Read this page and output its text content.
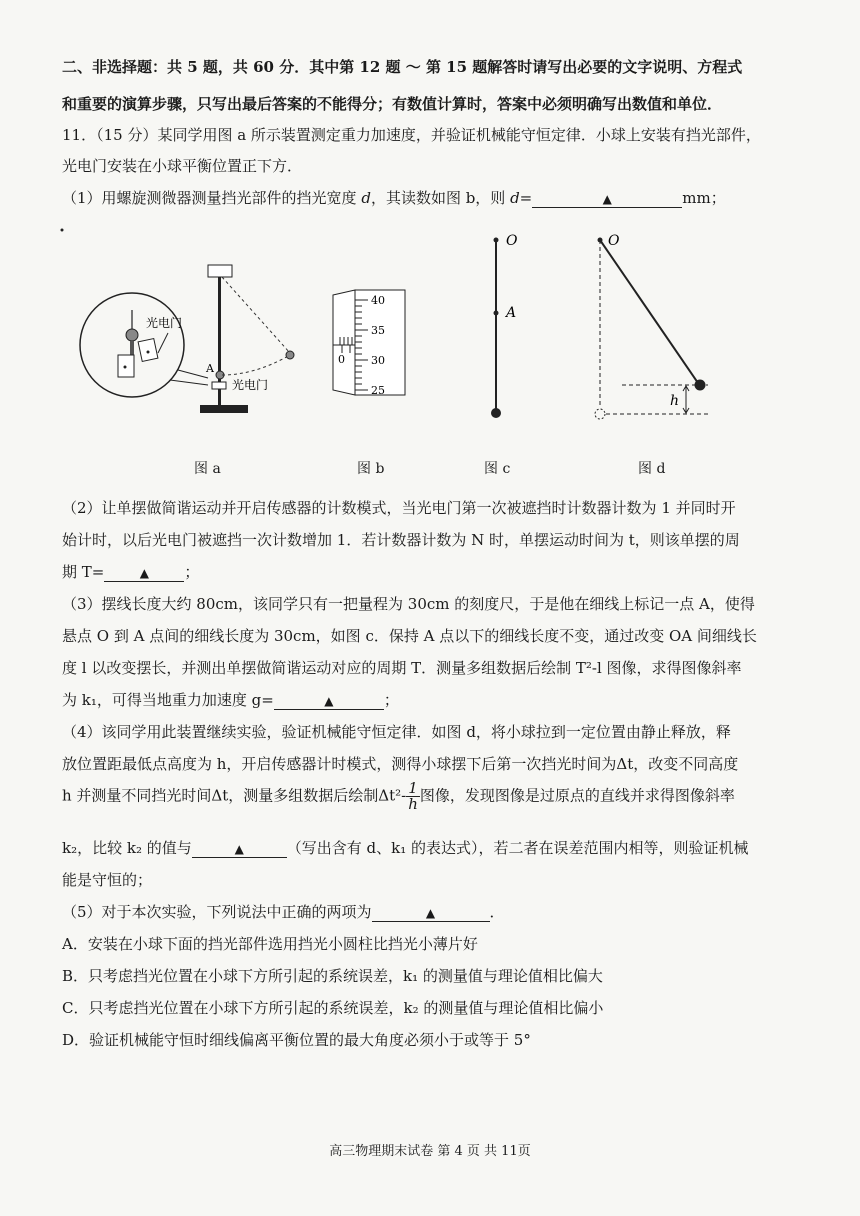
二、非选择题：共 5 题，共 60 分．其中第 12 题 ～ 第 15 题解答时请写出必要的文字说明、方程式
和重要的演算步骤，只写出最后答案的不能得分；有数值计算时，答案中必须明确写出数值和单位．
11．（15 分）某同学用图 a 所示装置测定重力加速度，并验证机械能守恒定律．小球上安装有挡光部件，
光电门安装在小球平衡位置正下方．
（1）用螺旋测微器测量挡光部件的挡光宽度 d，其读数如图 b，则 d=	▲	mm；
光电门
A
光电门
0
40
35
30
25
O
A
h
O
图 a	图 b	图 c	图 d
（2）让单摆做简谐运动并开启传感器的计数模式，当光电门第一次被遮挡时计数器计数为 1 并同时开
始计时，以后光电门被遮挡一次计数增加 1．若计数器计数为 N 时，单摆运动时间为 t，则该单摆的周
期 T=	▲ ；
（3）摆线长度大约 80cm，该同学只有一把量程为 30cm 的刻度尺，于是他在细线上标记一点 A，使得
悬点 O 到 A 点间的细线长度为 30cm，如图 c．保持 A 点以下的细线长度不变，通过改变 OA 间细线长
度 l 以改变摆长，并测出单摆做简谐运动对应的周期 T．测量多组数据后绘制 T²-l 图像，求得图像斜率
为 k₁，可得当地重力加速度 g=	▲	；
（4）该同学用此装置继续实验，验证机械能守恒定律．如图 d，将小球拉到一定位置由静止释放，释
放位置距最低点高度为 h，开启传感器计时模式，测得小球摆下后第一次挡光时间为Δt，改变不同高度
h 并测量不同挡光时间Δt，测量多组数据后绘制$\Delta t^2- \frac{1}{h}$ 图像，发现图像是过原点的直线并求得图像斜率
k₂，比较 k₂ 的值与	▲	（写出含有 d、k₁ 的表达式），若二者在误差范围内相等，则验证机械
能是守恒的；
（5）对于本次实验，下列说法中正确的两项为	▲	．
A．安装在小球下面的挡光部件选用挡光小圆柱比挡光小薄片好
B．只考虑挡光位置在小球下方所引起的系统误差，k₁ 的测量值与理论值相比偏大
C．只考虑挡光位置在小球下方所引起的系统误差，k₂ 的测量值与理论值相比偏小
D．验证机械能守恒时细线偏离平衡位置的最大角度必须小于或等于 5°
高三物理期末试卷 第 4 页 共 11页
